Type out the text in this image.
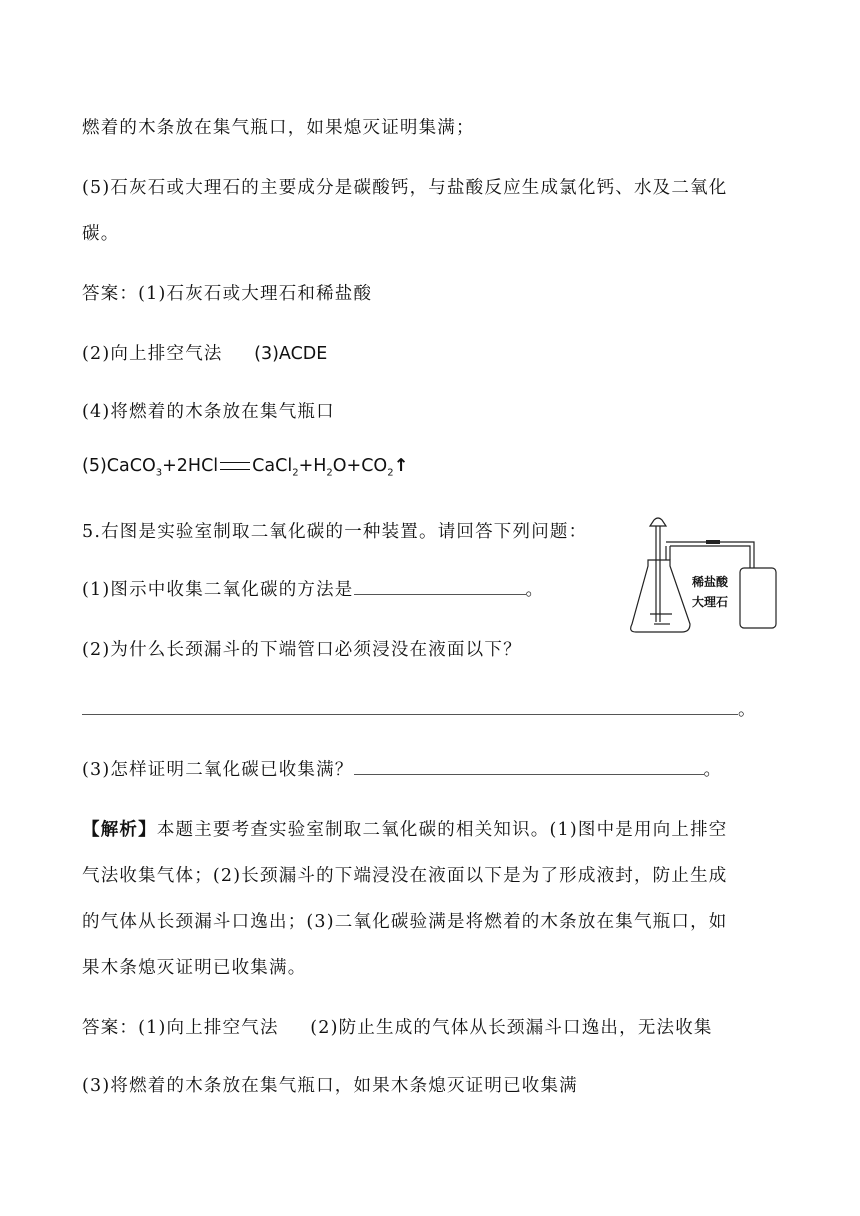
燃着的木条放在集气瓶口，如果熄灭证明集满；
(5)石灰石或大理石的主要成分是碳酸钙，与盐酸反应生成氯化钙、水及二氧化
碳。
答案：(1)石灰石或大理石和稀盐酸
(2)向上排空气法 (3)ACDE
(4)将燃着的木条放在集气瓶口
(5)CaCO$_3$+2HCl $CaCl_2+H_2O+CO_2↑$
5.右图是实验室制取二氧化碳的一种装置。请回答下列问题：
(1)图示中收集二氧化碳的方法是	。
(2)为什么长颈漏斗的下端管口必须浸没在液面以下？
。
(3)怎样证明二氧化碳已收集满？	。
【解析】本题主要考查实验室制取二氧化碳的相关知识。(1)图中是用向上排空
气法收集气体；(2)长颈漏斗的下端浸没在液面以下是为了形成液封，防止生成
的气体从长颈漏斗口逸出；(3)二氧化碳验满是将燃着的木条放在集气瓶口，如
果木条熄灭证明已收集满。
答案：(1)向上排空气法 (2)防止生成的气体从长颈漏斗口逸出，无法收集
(3)将燃着的木条放在集气瓶口，如果木条熄灭证明已收集满
稀盐酸
大理石
